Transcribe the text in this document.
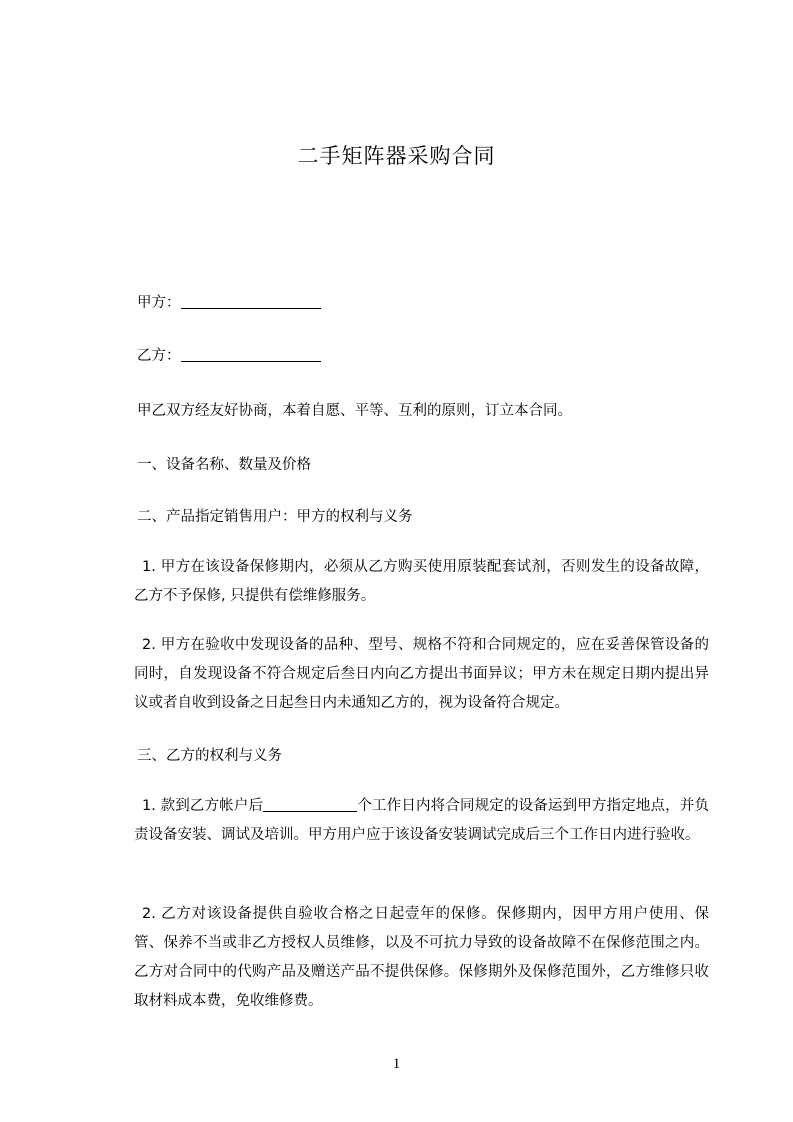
二手矩阵器采购合同
甲方：
乙方：
甲乙双方经友好协商，本着自愿、平等、互利的原则，订立本合同。
一、设备名称、数量及价格
二、产品指定销售用户：甲方的权利与义务
1. 甲方在该设备保修期内，必须从乙方购买使用原装配套试剂，否则发生的设备故障，乙方不予保修, 只提供有偿维修服务。
2. 甲方在验收中发现设备的品种、型号、规格不符和合同规定的，应在妥善保管设备的同时，自发现设备不符合规定后叁日内向乙方提出书面异议；甲方未在规定日期内提出异议或者自收到设备之日起叁日内未通知乙方的，视为设备符合规定。
三、乙方的权利与义务
1. 款到乙方帐户后	个工作日内将合同规定的设备运到甲方指定地点，并负责设备安装、调试及培训。甲方用户应于该设备安装调试完成后三个工作日内进行验收。
2. 乙方对该设备提供自验收合格之日起壹年的保修。保修期内，因甲方用户使用、保管、保养不当或非乙方授权人员维修，以及不可抗力导致的设备故障不在保修范围之内。乙方对合同中的代购产品及赠送产品不提供保修。保修期外及保修范围外，乙方维修只收取材料成本费，免收维修费。
1
